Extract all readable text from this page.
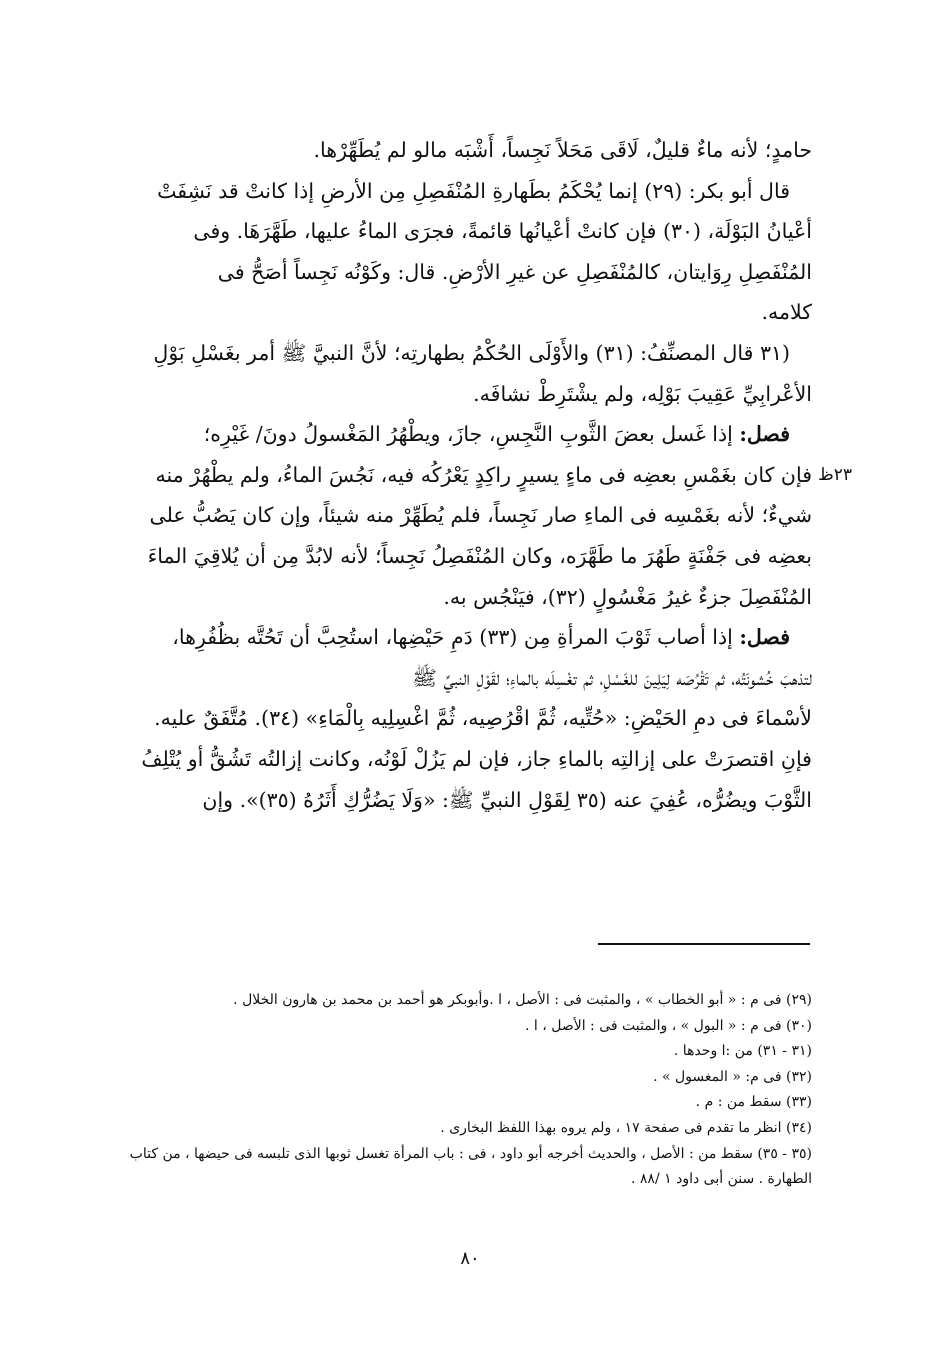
حامدٍ؛ لأنه ماءٌ قليلٌ، لَاقَى مَحَلاً نَجِساً، أَشْبَه مالو لم يُطَهِّرْها.

قال أبو بكر: (٢٩) إنما يُحْكَمُ بطَهارةِ المُنْفَصِلِ مِن الأرضِ إذا كانتْ قد نَشِفَتْ

أعْيانُ البَوْلَة، (٣٠) فإن كانتْ أعْيانُها قائمةً، فجرَى الماءُ عليها، طَهَّرَهَا. وفى

المُنْفَصِلِ رِوَايتان، كالمُنْفَصِلِ عن غيرِ الأرْضِ. قال: وكَوْنُه نَجِساً أصَحُّ فى

كلامه.

(٣١ قال المصنِّفُ: (٣١) والأَوْلَى الحُكْمُ بطهارتِه؛ لأنَّ النبيَّ ﷺ أمر بغَسْلِ بَوْلِ

الأعْرابِيِّ عَقِيبَ بَوْلِه، ولم يشْتَرِطْ نشافَه.

فصل: إذا غَسل بعضَ الثَّوبِ النَّجِسِ، جازَ، ويطْهُرُ المَغْسولُ دونَ/ غَيْرِه؛

فإن كان بغَمْسِ بعضِه فى ماءٍ يسيرٍ راكِدٍ يَعْرُكُه فيه، نَجُسَ الماءُ، ولم يطْهُرْ منه

شيءٌ؛ لأنه بغَمْسِه فى الماءِ صار نَجِساً، فلم يُطَهِّرْ منه شيئاً، وإن كان يَصُبُّ على

بعضِه فى جَفْنَةٍ طَهُرَ ما طَهَّرَه، وكان المُنْفَصِلُ نَجِساً؛ لأنه لابُدَّ مِن أن يُلاقِيَ الماءَ

المُنْفَصِلَ جزءٌ غيرُ مَغْسُولٍ (٣٢)، فيَنْجُس به.

فصل: إذا أصاب ثَوْبَ المرأةِ مِن (٣٣) دَمِ حَيْضِها، استُحِبَّ أن تَحُتَّه بظُفُرِها،

لتذهبَ خُشونَتُه، ثم تَقْرُصَه لِيَلِينَ للغَسْلِ، ثم تغْسِلَه بالماءِ؛ لقَوْلِ النبيِّ ﷺ

لأسْماءَ فى دمِ الحَيْضِ: «حُتِّيه، ثُمَّ اقْرُصِيه، ثُمَّ اغْسِلِيه بِالْمَاءِ» (٣٤). مُتَّفَقٌ عليه.

فإنِ اقتصرَتْ على إزالتِه بالماءِ جاز، فإن لم يَزُلْ لَوْنُه، وكانت إزالتُه تَشُقُّ أو يُتْلِفُ

الثَّوْبَ ويضُرُّه، عُفِيَ عنه (٣٥ لِقَوْلِ النبيِّ ﷺ: «وَلَا يَضُرُّكِ أَثَرُهُ (٣٥)». وإن

٢٣ظ
(٢٩) فى م : « أبو الخطاب » ، والمثبت فى : الأصل ، ا .وأبوبكر هو أحمد بن محمد بن هارون الخلال .
(٣٠) فى م : « البول » ، والمثبت فى : الأصل ، ا .
(٣١ - ٣١) من :ا وحدها .
(٣٢) فى م: « المغسول » .
(٣٣) سقط من : م .
(٣٤) انظر ما تقدم فى صفحة ١٧ ، ولم يروه بهذا اللفظ البخارى .
(٣٥ - ٣٥) سقط من : الأصل ، والحديث أخرجه أبو داود ، فى : باب المرأة تغسل ثوبها الذى تلبسه فى حيضها ، من كتاب الطهارة . سنن أبى داود ١ /٨٨ .
٨٠
